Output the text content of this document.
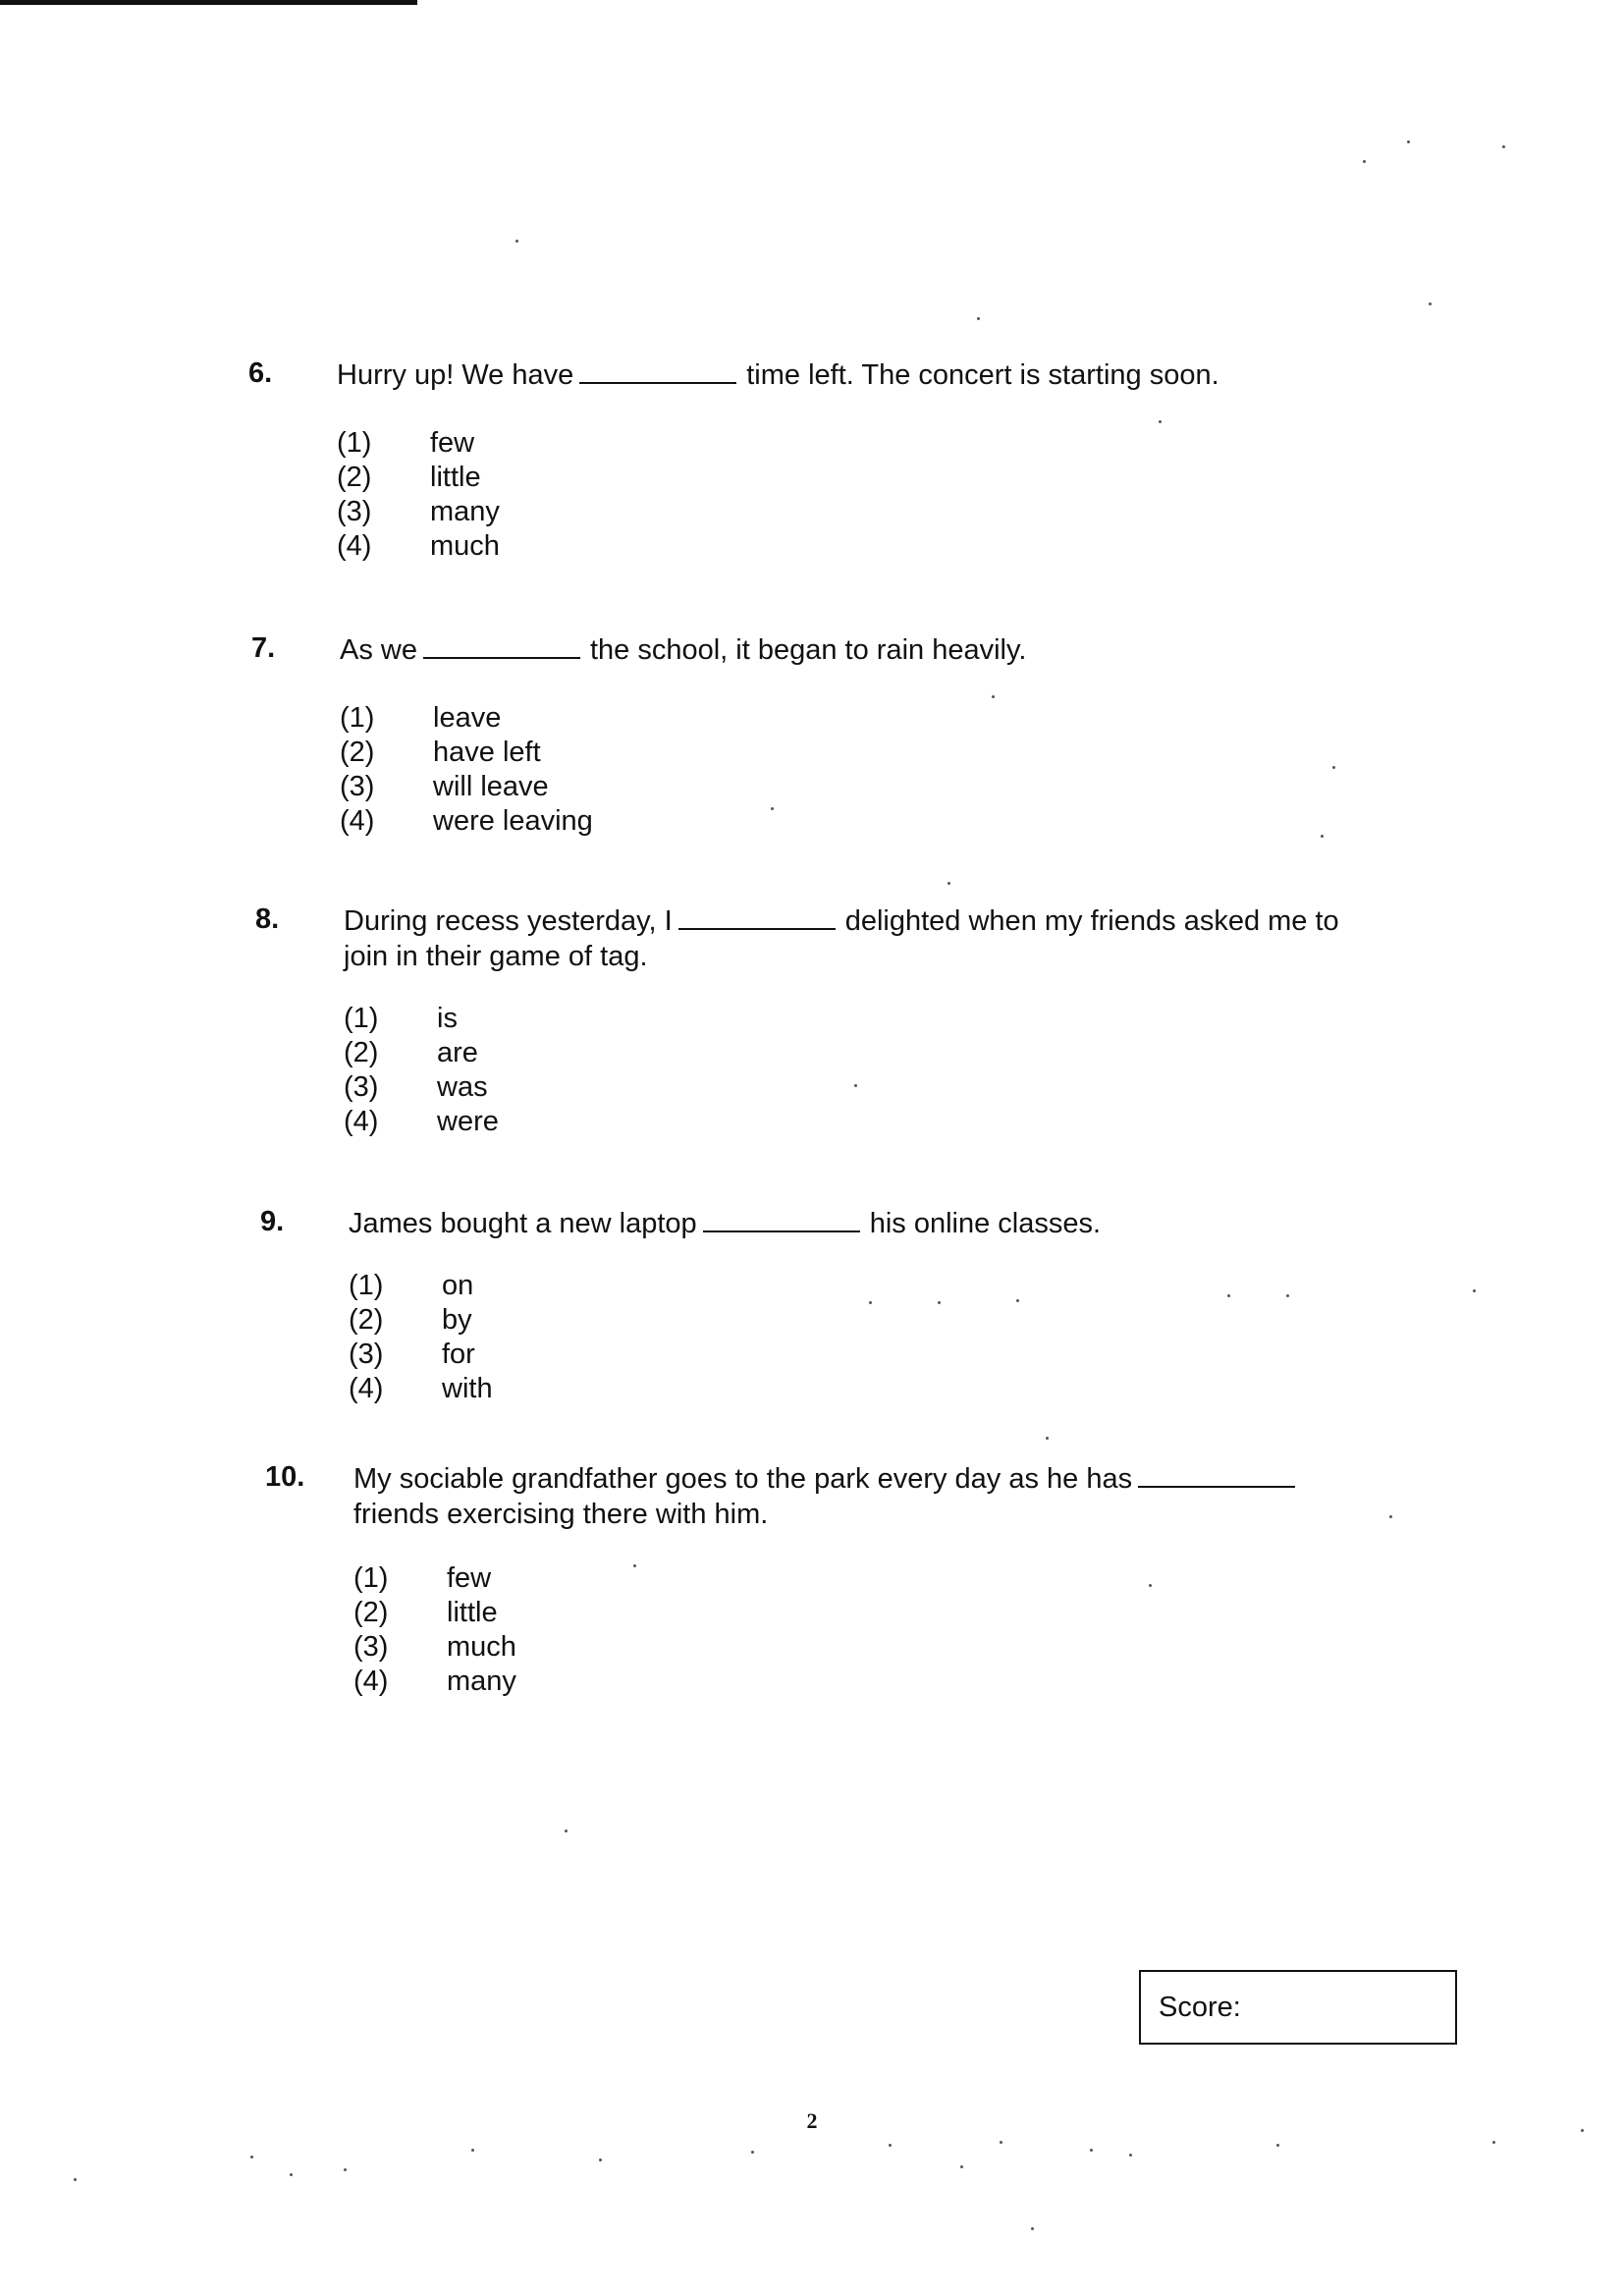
6. Hurry up! We have	time left. The concert is starting soon.
(1)	few
(2)	little
(3)	many
(4)	much
7. As we	the school, it began to rain heavily.
(1)	leave
(2)	have left
(3)	will leave
(4)	were leaving
8. During recess yesterday, I	delighted when my friends asked me to join in their game of tag.
(1)	is
(2)	are
(3)	was
(4)	were
9. James bought a new laptop	his online classes.
(1)	on
(2)	by
(3)	for
(4)	with
10. My sociable grandfather goes to the park every day as he hasfriends exercising there with him.
(1)	few
(2)	little
(3)	much
(4)	many
Score:
2
